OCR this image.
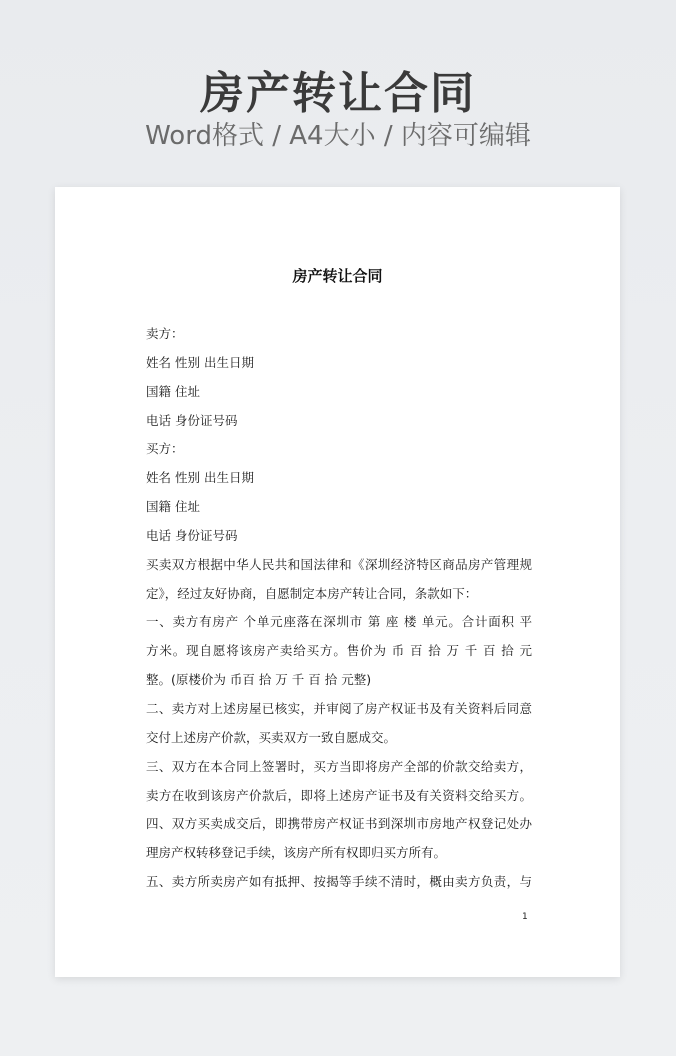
房产转让合同
Word格式 / A4大小 / 内容可编辑
房产转让合同
卖方：
姓名 性别 出生日期
国籍 住址
电话 身份证号码
买方：
姓名 性别 出生日期
国籍 住址
电话 身份证号码
买卖双方根据中华人民共和国法律和《深圳经济特区商品房产管理规
定》，经过友好协商，自愿制定本房产转让合同，条款如下：
一、卖方有房产 个单元座落在深圳市 第 座 楼 单元。合计面积 平
方米。现自愿将该房产卖给买方。售价为 币 百 拾 万 千 百 拾 元
整。(原楼价为 币百 拾 万 千 百 拾 元整)
二、卖方对上述房屋已核实，并审阅了房产权证书及有关资料后同意
交付上述房产价款，买卖双方一致自愿成交。
三、双方在本合同上签署时，买方当即将房产全部的价款交给卖方，
卖方在收到该房产价款后，即将上述房产证书及有关资料交给买方。
四、双方买卖成交后，即携带房产权证书到深圳市房地产权登记处办
理房产权转移登记手续，该房产所有权即归买方所有。
五、卖方所卖房产如有抵押、按揭等手续不清时，概由卖方负责，与
1
